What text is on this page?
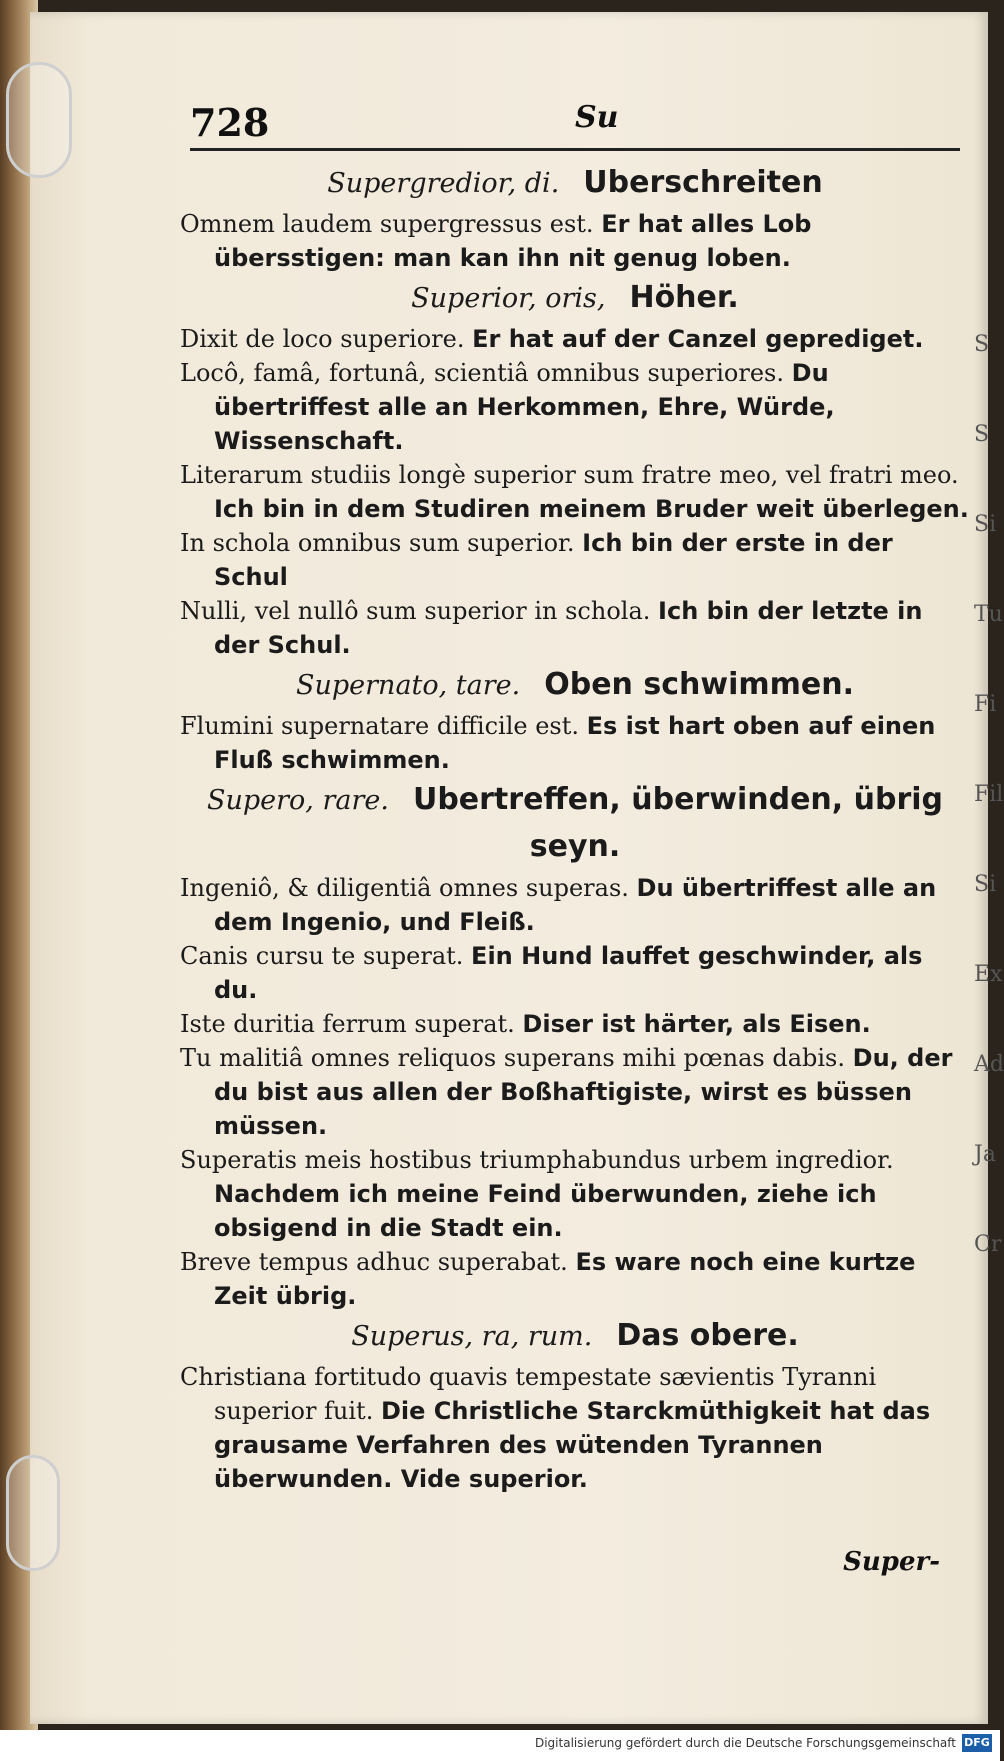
728	Su
Supergredior, di. Uberschreiten
Omnem laudem supergressus est. Er hat alles Lob übersstigen: man kan ihn nit genug loben.
Superior, oris, Höher.
Dixit de loco superiore. Er hat auf der Canzel geprediget.
Locô, famâ, fortunâ, scientiâ omnibus superiores. Du übertriffest alle an Herkommen, Ehre, Würde, Wissenschaft.
Literarum studiis longè superior sum fratre meo, vel fratri meo. Ich bin in dem Studiren meinem Bruder weit überlegen.
In schola omnibus sum superior. Ich bin der erste in der Schul
Nulli, vel nullô sum superior in schola. Ich bin der letzte in der Schul.
Supernato, tare. Oben schwimmen.
Flumini supernatare difficile est. Es ist hart oben auf einen Fluß schwimmen.
Supero, rare. Ubertreffen, überwinden, übrig seyn.
Ingeniô, & diligentiâ omnes superas. Du übertriffest alle an dem Ingenio, und Fleiß.
Canis cursu te superat. Ein Hund lauffet geschwinder, als du.
Iste duritia ferrum superat. Diser ist härter, als Eisen.
Tu malitiâ omnes reliquos superans mihi pœnas dabis. Du, der du bist aus allen der Boßhaftigiste, wirst es büssen müssen.
Superatis meis hostibus triumphabundus urbem ingredior. Nachdem ich meine Feind überwunden, ziehe ich obsigend in die Stadt ein.
Breve tempus adhuc superabat. Es ware noch eine kurtze Zeit übrig.
Superus, ra, rum. Das obere.
Christiana fortitudo quavis tempestate sævientis Tyranni superior fuit. Die Christliche Starckmüthigkeit hat das grausame Verfahren des wütenden Tyrannen überwunden. Vide superior.
S
S
Si
Tu
Fi
Fil
Si
Ex
Ad
Ja
Cr
Super-
Digitalisierung gefördert durch die Deutsche Forschungsgemeinschaft DFG
